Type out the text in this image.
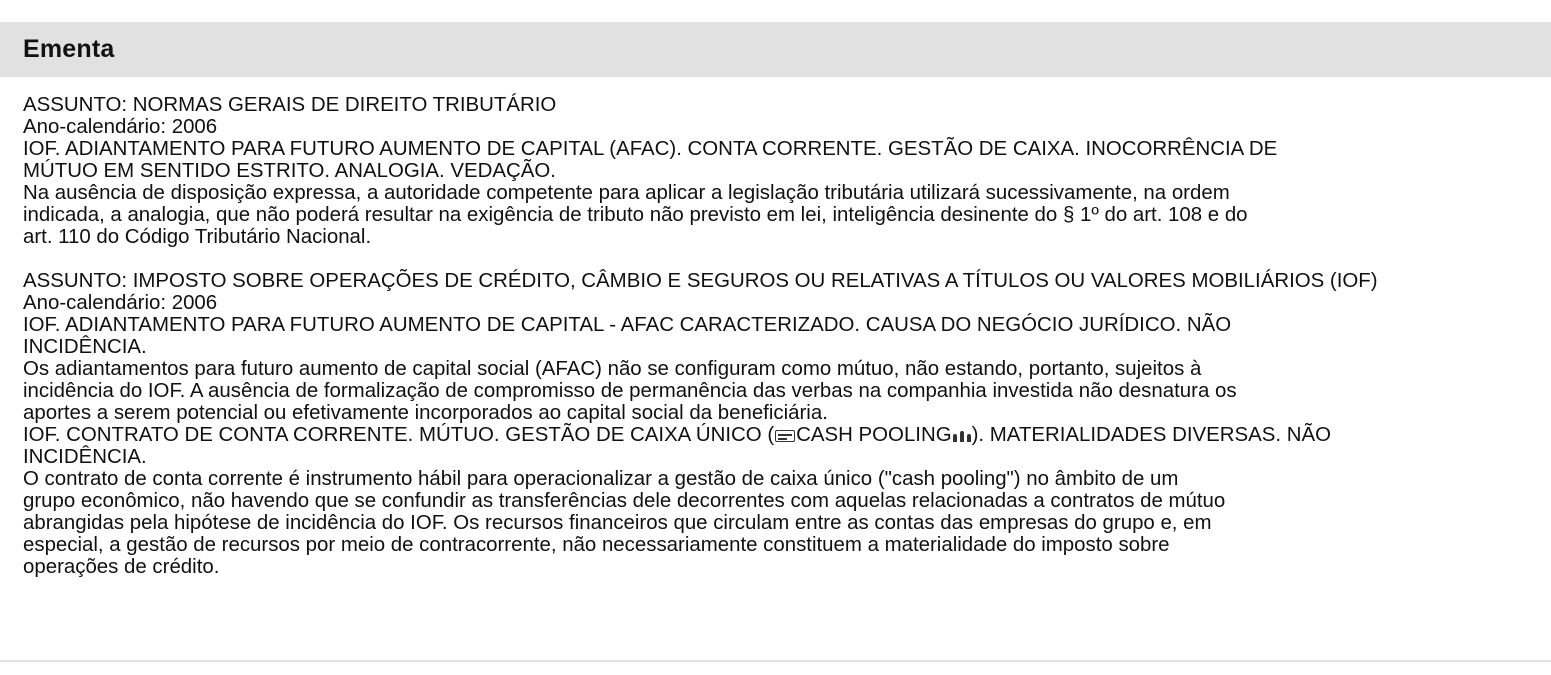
Ementa
ASSUNTO: NORMAS GERAIS DE DIREITO TRIBUTÁRIO
Ano-calendário: 2006
IOF. ADIANTAMENTO PARA FUTURO AUMENTO DE CAPITAL (AFAC). CONTA CORRENTE. GESTÃO DE CAIXA. INOCORRÊNCIA DE
MÚTUO EM SENTIDO ESTRITO. ANALOGIA. VEDAÇÃO.
Na ausência de disposição expressa, a autoridade competente para aplicar a legislação tributária utilizará sucessivamente, na ordem
indicada, a analogia, que não poderá resultar na exigência de tributo não previsto em lei, inteligência desinente do § 1º do art. 108 e do
art. 110 do Código Tributário Nacional.
ASSUNTO: IMPOSTO SOBRE OPERAÇÕES DE CRÉDITO, CÂMBIO E SEGUROS OU RELATIVAS A TÍTULOS OU VALORES MOBILIÁRIOS (IOF)
Ano-calendário: 2006
IOF. ADIANTAMENTO PARA FUTURO AUMENTO DE CAPITAL - AFAC CARACTERIZADO. CAUSA DO NEGÓCIO JURÍDICO. NÃO
INCIDÊNCIA.
Os adiantamentos para futuro aumento de capital social (AFAC) não se configuram como mútuo, não estando, portanto, sujeitos à
incidência do IOF. A ausência de formalização de compromisso de permanência das verbas na companhia investida não desnatura os
aportes a serem potencial ou efetivamente incorporados ao capital social da beneficiária.
IOF. CONTRATO DE CONTA CORRENTE. MÚTUO. GESTÃO DE CAIXA ÚNICO ( CASH POOLING ). MATERIALIDADES DIVERSAS. NÃO
INCIDÊNCIA.
O contrato de conta corrente é instrumento hábil para operacionalizar a gestão de caixa único ("cash pooling") no âmbito de um
grupo econômico, não havendo que se confundir as transferências dele decorrentes com aquelas relacionadas a contratos de mútuo
abrangidas pela hipótese de incidência do IOF. Os recursos financeiros que circulam entre as contas das empresas do grupo e, em
especial, a gestão de recursos por meio de contracorrente, não necessariamente constituem a materialidade do imposto sobre
operações de crédito.
